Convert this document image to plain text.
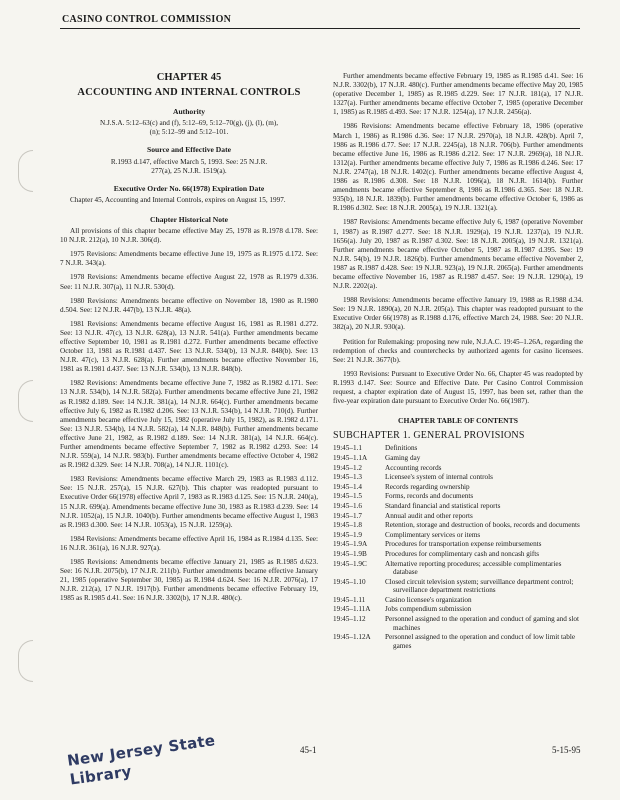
CASINO CONTROL COMMISSION
CHAPTER 45
ACCOUNTING AND INTERNAL CONTROLS
Authority
N.J.S.A. 5:12–63(c) and (f), 5:12–69, 5:12–70(g), (j), (l), (m), (n); 5:12–99 and 5:12–101.
Source and Effective Date
R.1993 d.147, effective March 5, 1993. See: 25 N.J.R. 277(a), 25 N.J.R. 1519(a).
Executive Order No. 66(1978) Expiration Date

Chapter 45, Accounting and Internal Controls, expires on August 15, 1997.

Chapter Historical Note

All provisions of this chapter became effective May 25, 1978 as R.1978 d.178. See: 10 N.J.R. 212(a), 10 N.J.R. 306(d).

1975 Revisions: Amendments became effective June 19, 1975 as R.1975 d.172. See: 7 N.J.R. 343(a).

1978 Revisions: Amendments became effective August 22, 1978 as R.1979 d.336. See: 11 N.J.R. 307(a), 11 N.J.R. 530(d).

1980 Revisions: Amendments became effective on November 18, 1980 as R.1980 d.504. See: 12 N.J.R. 447(b), 13 N.J.R. 48(a).

1981 Revisions: Amendments became effective August 16, 1981 as R.1981 d.272. See: 13 N.J.R. 47(c), 13 N.J.R. 628(a), 13 N.J.R. 541(a). Further amendments became effective September 10, 1981 as R.1981 d.272. Further amendments became effective October 13, 1981 as R.1981 d.437. See: 13 N.J.R. 534(b), 13 N.J.R. 848(b). See: 13 N.J.R. 47(c), 13 N.J.R. 628(a). Further amendments became effective November 16, 1981 as R.1981 d.437. See: 13 N.J.R. 534(b), 13 N.J.R. 848(b).

1982 Revisions: Amendments became effective June 7, 1982 as R.1982 d.171. See: 13 N.J.R. 534(b), 14 N.J.R. 582(a). Further amendments became effective June 21, 1982 as R.1982 d.189. See: 14 N.J.R. 381(a), 14 N.J.R. 664(c). Further amendments became effective July 6, 1982 as R.1982 d.206. See: 13 N.J.R. 534(b), 14 N.J.R. 710(d). Further amendments became effective July 15, 1982 (operative July 15, 1982), as R.1982 d.171. See: 13 N.J.R. 534(b), 14 N.J.R. 582(a), 14 N.J.R. 848(b). Further amendments became effective June 21, 1982, as R.1982 d.189. See: 14 N.J.R. 381(a), 14 N.J.R. 664(c). Further amendments became effective September 7, 1982 as R.1982 d.293. See: 14 N.J.R. 559(a), 14 N.J.R. 983(b). Further amendments became effective October 4, 1982 as R.1982 d.329. See: 14 N.J.R. 708(a), 14 N.J.R. 1101(c).

1983 Revisions: Amendments became effective March 29, 1983 as R.1983 d.112. See: 15 N.J.R. 257(a), 15 N.J.R. 627(b). This chapter was readopted pursuant to Executive Order 66(1978) effective April 7, 1983 as R.1983 d.125. See: 15 N.J.R. 240(a), 15 N.J.R. 699(a). Amendments became effective June 30, 1983 as R.1983 d.239. See: 14 N.J.R. 1052(a), 15 N.J.R. 1040(b). Further amendments became effective August 1, 1983 as R.1983 d.300. See: 14 N.J.R. 1053(a), 15 N.J.R. 1259(a).

1984 Revisions: Amendments became effective April 16, 1984 as R.1984 d.135. See: 16 N.J.R. 361(a), 16 N.J.R. 927(a).

1985 Revisions: Amendments became effective January 21, 1985 as R.1985 d.623. See: 16 N.J.R. 2075(b), 17 N.J.R. 211(b). Further amendments became effective January 21, 1985 (operative September 30, 1985) as R.1984 d.624. See: 16 N.J.R. 2076(a), 17 N.J.R. 212(a), 17 N.J.R. 1917(b). Further amendments became effective February 19, 1985 as R.1985 d.41. See: 16 N.J.R. 3302(b), 17 N.J.R. 480(c).

Further amendments became effective February 19, 1985 as R.1985 d.41. See: 16 N.J.R. 3302(b), 17 N.J.R. 480(c). Further amendments became effective May 20, 1985 (operative December 1, 1985) as R.1985 d.229. See: 17 N.J.R. 181(a), 17 N.J.R. 1327(a). Further amendments became effective October 7, 1985 (operative December 1, 1985) as R.1985 d.493. See: 17 N.J.R. 1254(a), 17 N.J.R. 2456(a).

1986 Revisions: Amendments became effective February 18, 1986 (operative March 1, 1986) as R.1986 d.36. See: 17 N.J.R. 2970(a), 18 N.J.R. 428(b). April 7, 1986 as R.1986 d.77. See: 17 N.J.R. 2245(a), 18 N.J.R. 706(b). Further amendments became effective June 16, 1986 as R.1986 d.212. See: 17 N.J.R. 2969(a), 18 N.J.R. 1312(a). Further amendments became effective July 7, 1986 as R.1986 d.246. See: 17 N.J.R. 2747(a), 18 N.J.R. 1402(c). Further amendments became effective August 4, 1986 as R.1986 d.308. See: 18 N.J.R. 1096(a), 18 N.J.R. 1614(b). Further amendments became effective September 8, 1986 as R.1986 d.365. See: 18 N.J.R. 935(b), 18 N.J.R. 1839(b). Further amendments became effective October 6, 1986 as R.1986 d.302. See: 18 N.J.R. 2005(a), 19 N.J.R. 1321(a).

1987 Revisions: Amendments became effective July 6, 1987 (operative November 1, 1987) as R.1987 d.277. See: 18 N.J.R. 1929(a), 19 N.J.R. 1237(a), 19 N.J.R. 1656(a). July 20, 1987 as R.1987 d.302. See: 18 N.J.R. 2005(a), 19 N.J.R. 1321(a). Further amendments became effective October 5, 1987 as R.1987 d.395. See: 19 N.J.R. 54(b), 19 N.J.R. 1826(b). Further amendments became effective November 2, 1987 as R.1987 d.428. See: 19 N.J.R. 923(a), 19 N.J.R. 2065(a). Further amendments became effective November 16, 1987 as R.1987 d.457. See: 19 N.J.R. 1290(a), 19 N.J.R. 2202(a).

1988 Revisions: Amendments became effective January 19, 1988 as R.1988 d.34. See: 19 N.J.R. 1890(a), 20 N.J.R. 205(a). This chapter was readopted pursuant to the Executive Order 66(1978) as R.1988 d.176, effective March 24, 1988. See: 20 N.J.R. 382(a), 20 N.J.R. 930(a).

Petition for Rulemaking: proposing new rule, N.J.A.C. 19:45–1.26A, regarding the redemption of checks and counterchecks by authorized agents for casino licensees. See: 21 N.J.R. 3677(b).

1993 Revisions: Pursuant to Executive Order No. 66, Chapter 45 was readopted by R.1993 d.147. See: Source and Effective Date. Per Casino Control Commission request, a chapter expiration date of August 15, 1997, has been set, rather than the five-year expiration date pursuant to Executive Order No. 66(1987).

CHAPTER TABLE OF CONTENTS
SUBCHAPTER 1. GENERAL PROVISIONS
19:45–1.1	Definitions
19:45–1.1A	Gaming day
19:45–1.2	Accounting records
19:45–1.3	Licensee's system of internal controls
19:45–1.4	Records regarding ownership
19:45–1.5	Forms, records and documents
19:45–1.6	Standard financial and statistical reports
19:45–1.7	Annual audit and other reports
19:45–1.8	Retention, storage and destruction of books, records and documents
19:45–1.9	Complimentary services or items
19:45–1.9A	Procedures for transportation expense reimbursements
19:45–1.9B	Procedures for complimentary cash and noncash gifts
19:45–1.9C	Alternative reporting procedures; accessible complimentaries database
19:45–1.10	Closed circuit television system; surveillance department control; surveillance department restrictions
19:45–1.11	Casino licensee's organization
19:45–1.11A	Jobs compendium submission
19:45–1.12	Personnel assigned to the operation and conduct of gaming and slot machines
19:45–1.12A	Personnel assigned to the operation and conduct of low limit table games
New Jersey State Library
45-1	5-15-95
